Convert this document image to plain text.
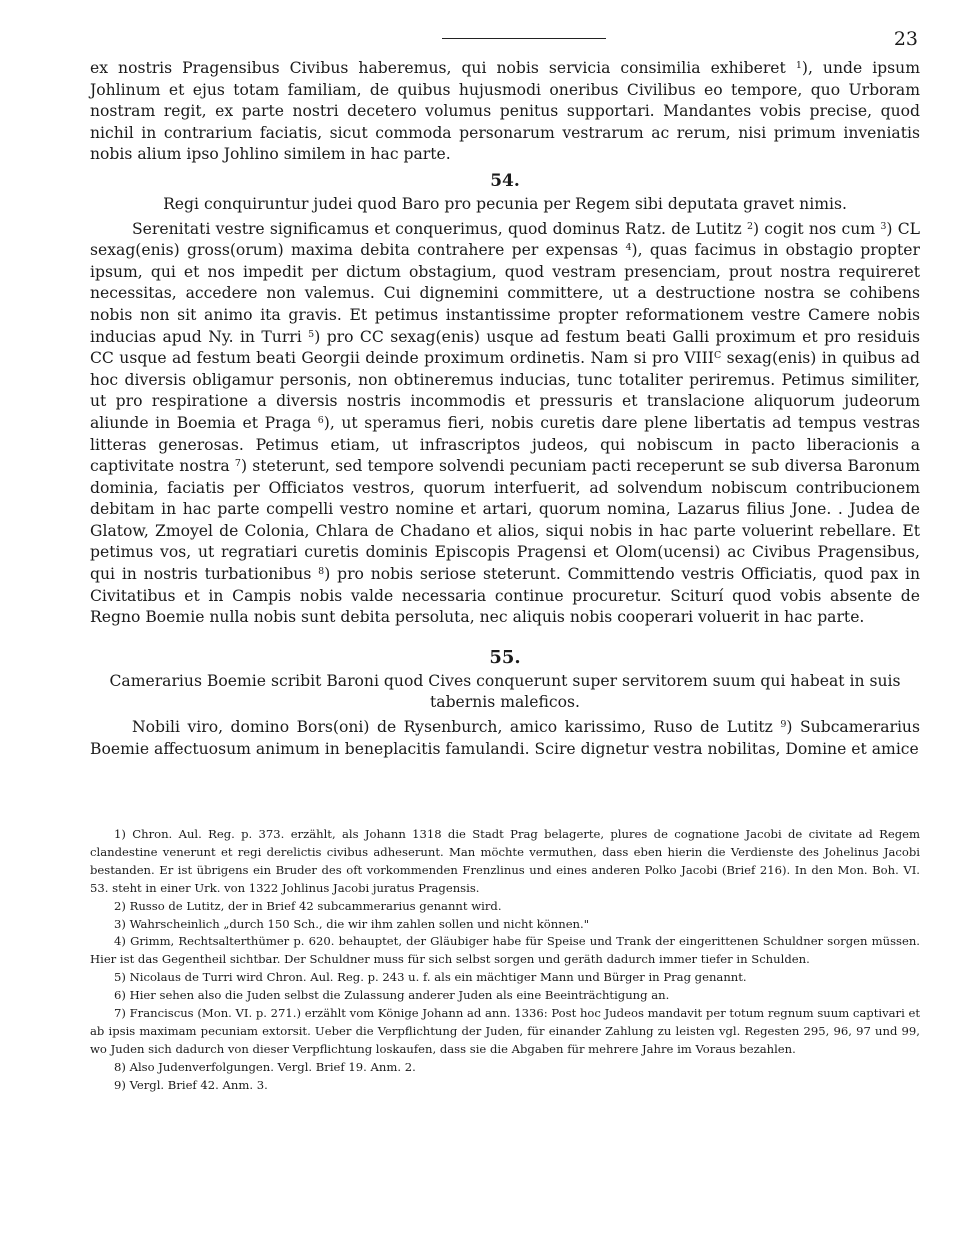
23

ex nostris Pragensibus Civibus haberemus, qui nobis servicia consimilia exhiberet $^1$), unde ipsum Johlinum et ejus totam familiam, de quibus hujusmodi oneribus Civilibus eo tempore, quo Urboram nostram regit, ex parte nostri decetero volumus penitus supportari. Mandantes vobis precise, quod nichil in contrarium faciatis, sicut commoda personarum vestrarum ac rerum, nisi primum inveniatis nobis alium ipso Johlino similem in hac parte.

54.

Regi conquiruntur judei quod Baro pro pecunia per Regem sibi deputata gravet nimis.

Serenitati vestre significamus et conquerimus, quod dominus Ratz. de Lutitz $^2$) cogit nos cum $^3$) CL sexag(enis) gross(orum) maxima debita contrahere per expensas $^4$), quas facimus in obstagio propter ipsum, qui et nos impedit per dictum obstagium, quod vestram presenciam, prout nostra requireret necessitas, accedere non valemus. Cui dignemini committere, ut a destructione nostra se cohibens nobis non sit animo ita gravis. Et petimus instantissime propter reformationem vestre Camere nobis inducias apud Ny. in Turri $^5$) pro CC sexag(enis) usque ad festum beati Galli proximum et pro residuis CC usque ad festum beati Georgii deinde proximum ordinetis. Nam si pro $VIII^C$ sexag(enis) in quibus ad hoc diversis obligamur personis, non obtineremus inducias, tunc totaliter periremus. Petimus similiter, ut pro respiratione a diversis nostris incommodis et pressuris et translacione aliquorum judeorum aliunde in Boemia et Praga $^6$), ut speramus fieri, nobis curetis dare plene libertatis ad tempus vestras litteras generosas. Petimus etiam, ut infrascriptos judeos, qui nobiscum in pacto liberacionis a captivitate nostra $^7$) steterunt, sed tempore solvendi pecuniam pacti receperunt se sub diversa Baronum dominia, faciatis per Officiatos vestros, quorum interfuerit, ad solvendum nobiscum contribucionem debitam in hac parte compelli vestro nomine et artari, quorum nomina, Lazarus filius Jone. . Judea de Glatow, Zmoyel de Colonia, Chlara de Chadano et alios, siqui nobis in hac parte voluerint rebellare. Et petimus vos, ut regratiari curetis dominis Episcopis Pragensi et Olom(ucensi) ac Civibus Pragensibus, qui in nostris turbationibus $^8$) pro nobis seriose steterunt. Committendo vestris Officiatis, quod pax in Civitatibus et in Campis nobis valde necessaria continue procuretur. Sciturí quod vobis absente de Regno Boemie nulla nobis sunt debita persoluta, nec aliquis nobis cooperari voluerit in hac parte.

55.

Camerarius Boemie scribit Baroni quod Cives conquerunt super servitorem suum qui habeat in suis
tabernis maleficos.

Nobili viro, domino Bors(oni) de Rysenburch, amico karissimo, Ruso de Lutitz $^9$) Subcamerarius Boemie affectuosum animum in beneplacitis famulandi. Scire dignetur vestra nobilitas, Domine et amice

1) Chron. Aul. Reg. p. 373. erzählt, als Johann 1318 die Stadt Prag belagerte, plures de cognatione Jacobi de civitate ad Regem clandestine venerunt et regi derelictis civibus adheserunt. Man möchte vermuthen, dass eben hierin die Verdienste des Johelinus Jacobi bestanden. Er ist übrigens ein Bruder des oft vorkommenden Frenzlinus und eines anderen Polko Jacobi (Brief 216). In den Mon. Boh. VI. 53. steht in einer Urk. von 1322 Johlinus Jacobi juratus Pragensis.

2) Russo de Lutitz, der in Brief 42 subcammerarius genannt wird.

3) Wahrscheinlich „durch 150 Sch., die wir ihm zahlen sollen und nicht können."

4) Grimm, Rechtsalterthümer p. 620. behauptet, der Gläubiger habe für Speise und Trank der eingerittenen Schuldner sorgen müssen. Hier ist das Gegentheil sichtbar. Der Schuldner muss für sich selbst sorgen und geräth dadurch immer tiefer in Schulden.

5) Nicolaus de Turri wird Chron. Aul. Reg. p. 243 u. f. als ein mächtiger Mann und Bürger in Prag genannt.

6) Hier sehen also die Juden selbst die Zulassung anderer Juden als eine Beeinträchtigung an.

7) Franciscus (Mon. VI. p. 271.) erzählt vom Könige Johann ad ann. 1336: Post hoc Judeos mandavit per totum regnum suum captivari et ab ipsis maximam pecuniam extorsit. Ueber die Verpflichtung der Juden, für einander Zahlung zu leisten vgl. Regesten 295, 96, 97 und 99, wo Juden sich dadurch von dieser Verpflichtung loskaufen, dass sie die Abgaben für mehrere Jahre im Voraus bezahlen.

8) Also Judenverfolgungen. Vergl. Brief 19. Anm. 2.

9) Vergl. Brief 42. Anm. 3.
